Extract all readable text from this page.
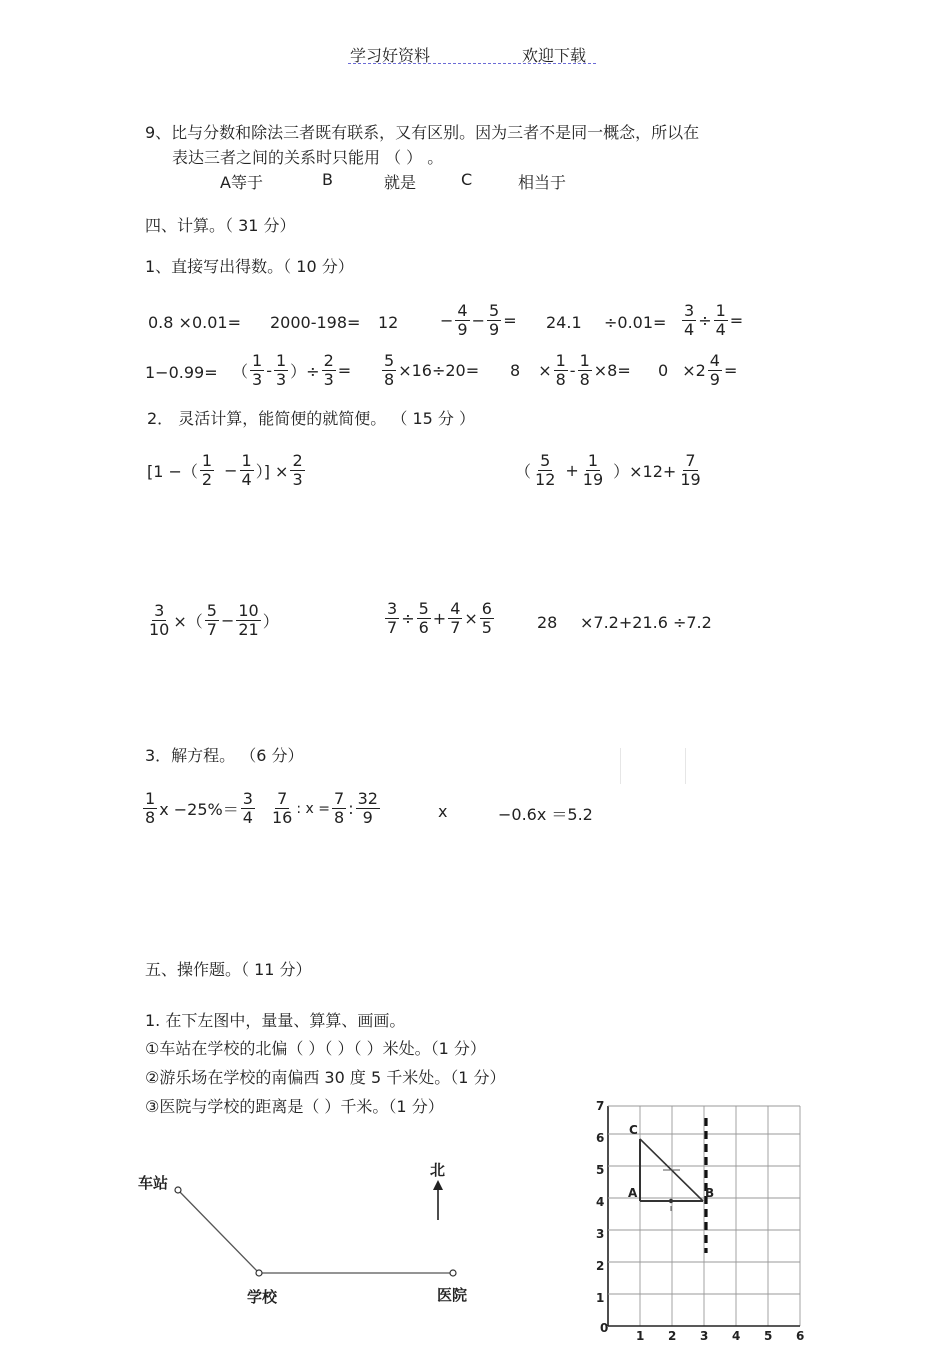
学习好资料	欢迎下载
9、比与分数和除法三者既有联系，又有区别。因为三者不是同一概念，所以在
表达三者之间的关系时只能用 （ ） 。
A等于	B	就是	C	相当于
四、计算。（ 31 分）
1、直接写出得数。（ 10 分）
0.8 ×0.01= 2000-198= 12	− $\frac{4}{9} - \frac{5}{9} = 24.1 \div 0.01= \frac{3}{4} \div \frac{1}{4}$ =
1−0.99= （ $\frac{1}{3} - \frac{1}{3}$ ）÷ $\frac{2}{3} = \frac{5}{8} \times 16\div 20= 8 \times \frac{1}{8} - \frac{1}{8} \times 8= 0 \times 2 \frac{4}{9}$ =
2． 灵活计算，能简便的就简便。 （ 15 分 ）
[1 −（ $\frac{1}{2} - \frac{1}{4}$ ）] × $\frac{2}{3}$	（ $\frac{5}{12} + \frac{1}{19} )\times 12+ \frac{7}{19}$
$\frac{3}{10}$ ×（ $\frac{5}{7} - \frac{10}{21}$ ）	$\frac{3}{7} \div \frac{5}{6} + \frac{4}{7} \times \frac{6}{5}$	28 ×7.2+21.6 ÷7.2
3．解方程。 （6 分）
$\frac{1}{8}$ $x -25\%= \frac{3}{4} \frac{7}{16}$ : $x = \frac{7}{8}$ : $\frac{32}{9}$	x	−0.6x ＝5.2
五、操作题。（ 11 分）
1. 在下左图中，量量、算算、画画。
①车站在学校的北偏（ ）（ ）（ ）米处。（1 分）
②游乐场在学校的南偏西 30 度 5 千米处。（1 分）
③医院与学校的距离是（ ）千米。（1 分）
车站
学校	医院
北
1 2 3 4 5 6
7
6
5
4
3
2
1
0
C
A	B
